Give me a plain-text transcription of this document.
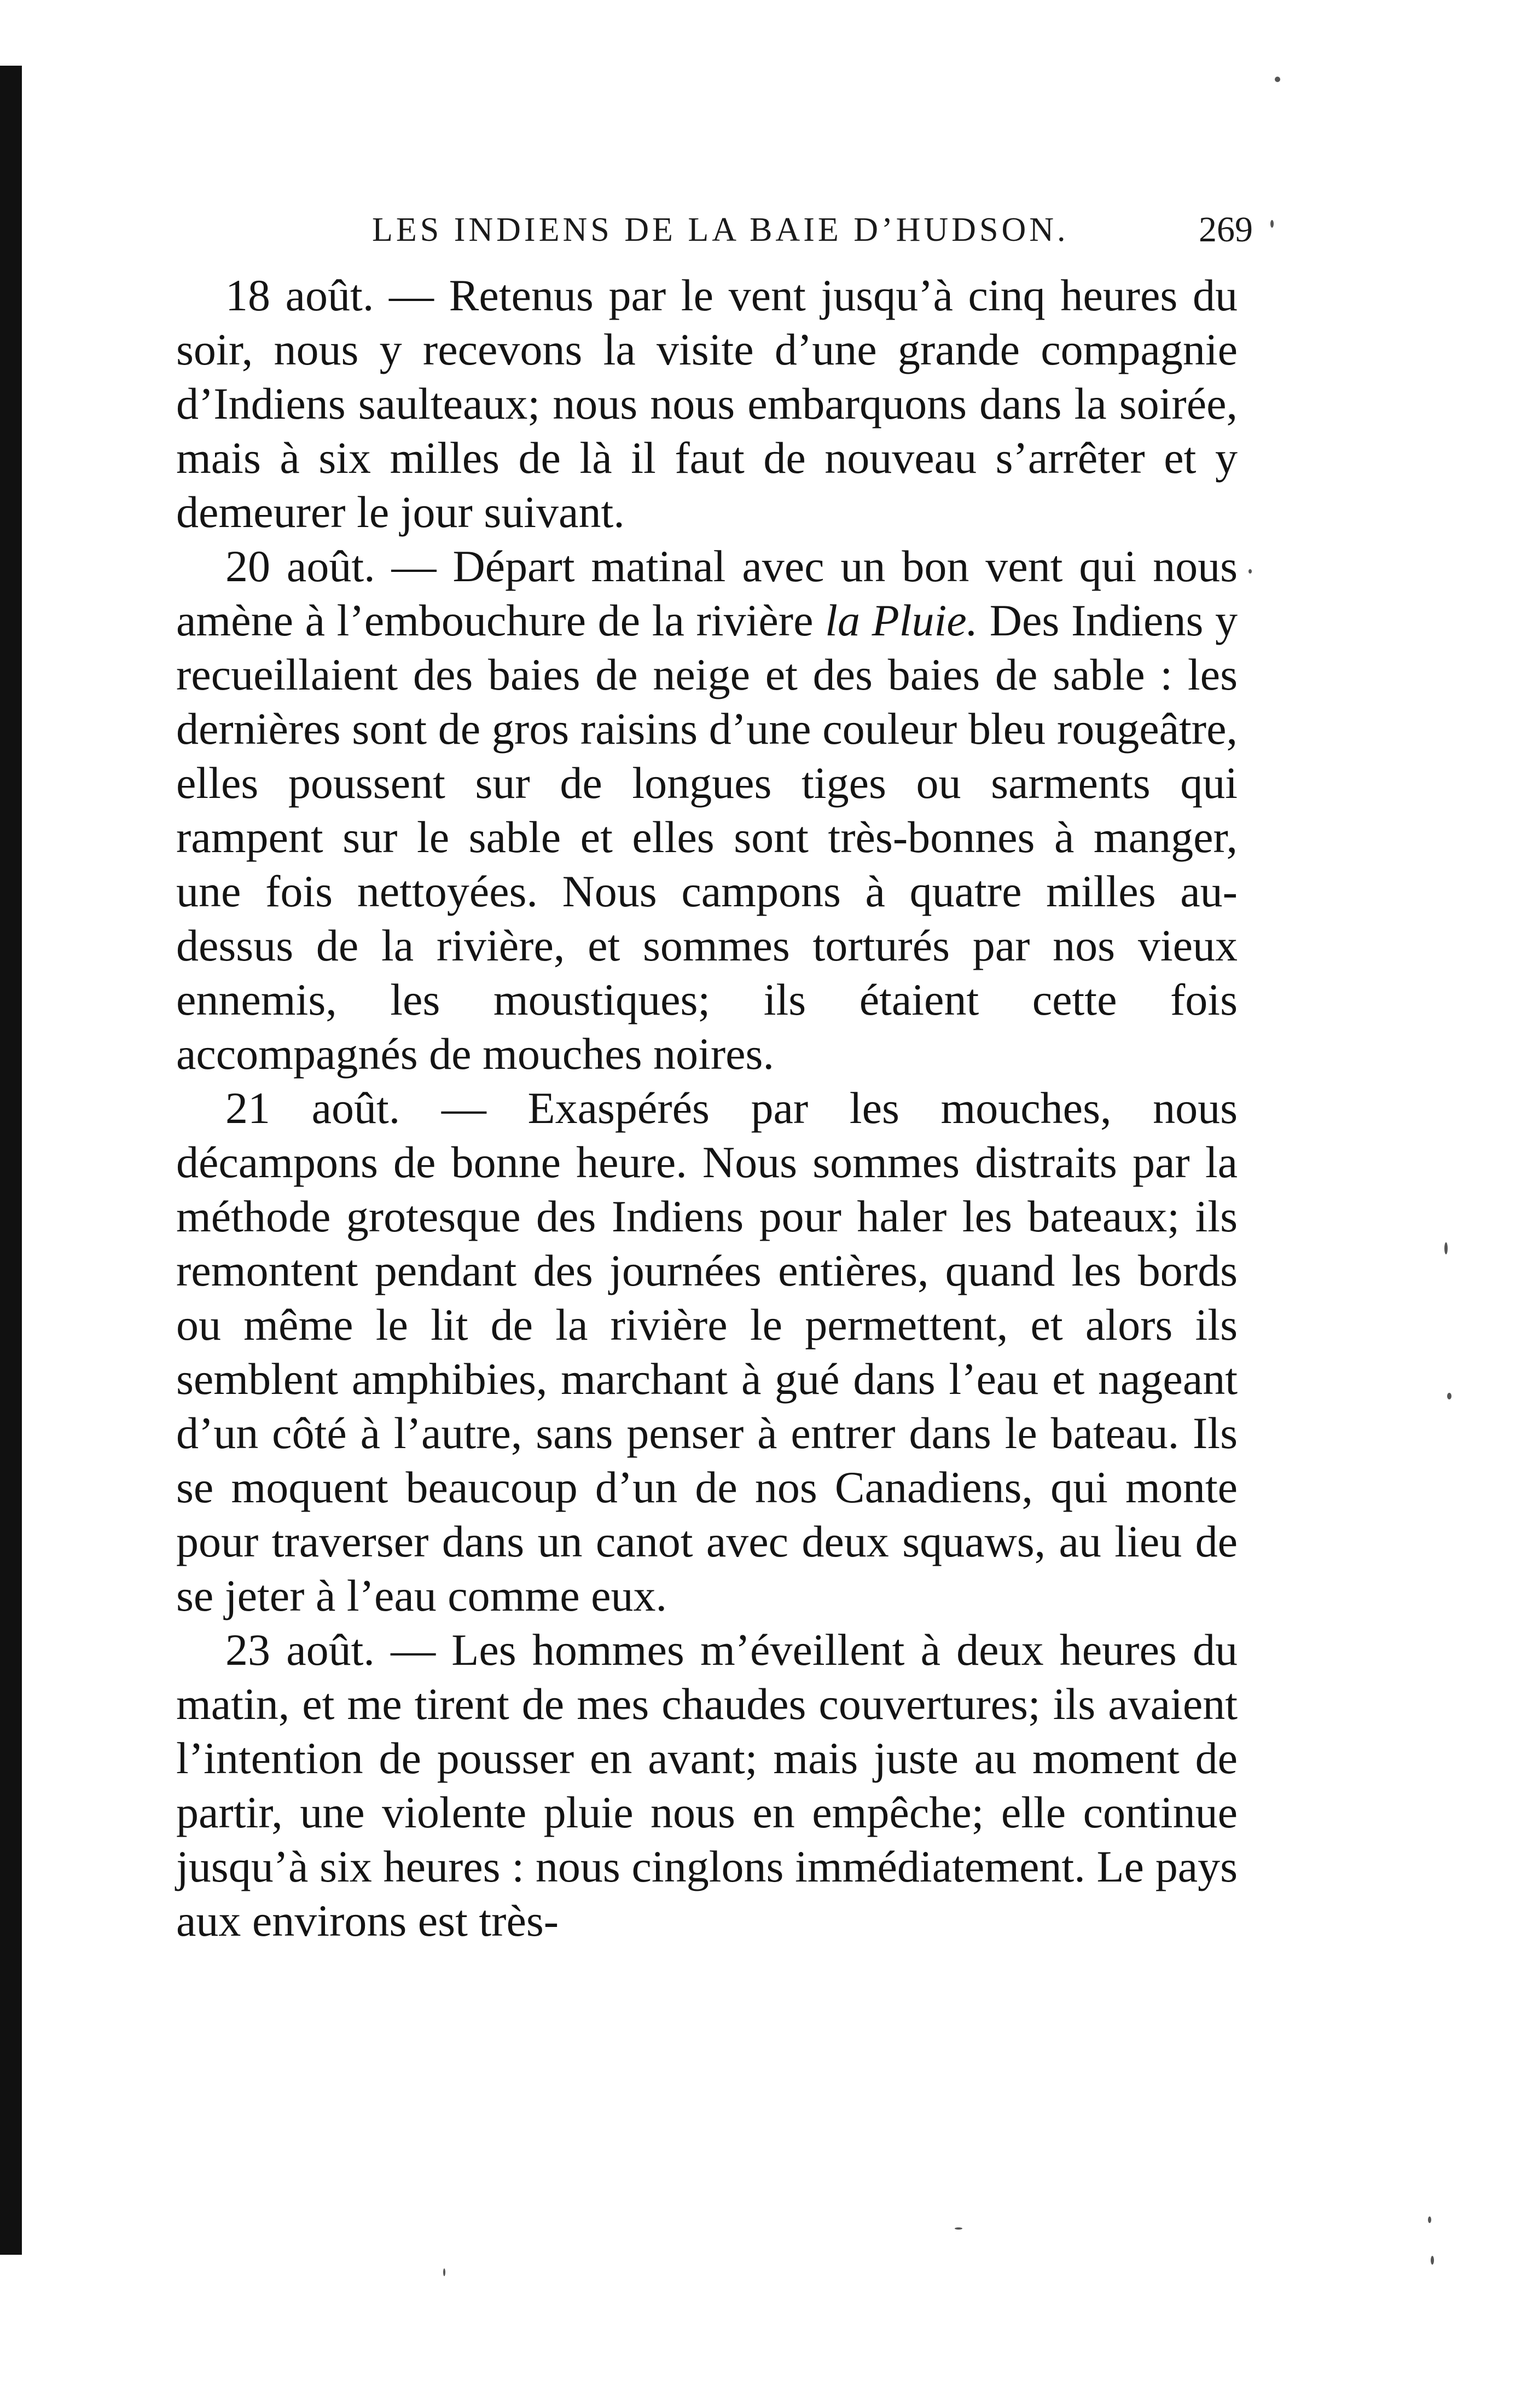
LES INDIENS DE LA BAIE D’HUDSON.	269

18 août. — Retenus par le vent jusqu’à cinq heures du soir, nous y recevons la visite d’une grande compagnie d’Indiens saulteaux; nous nous embarquons dans la soirée, mais à six milles de là il faut de nouveau s’arrêter et y demeurer le jour suivant.

20 août. — Départ matinal avec un bon vent qui nous amène à l’embouchure de la rivière la Pluie. Des Indiens y recueillaient des baies de neige et des baies de sable : les dernières sont de gros raisins d’une couleur bleu rougeâtre, elles poussent sur de longues tiges ou sarments qui rampent sur le sable et elles sont très-bonnes à manger, une fois nettoyées. Nous campons à quatre milles au-dessus de la rivière, et sommes torturés par nos vieux ennemis, les moustiques; ils étaient cette fois accompagnés de mouches noires.

21 août. — Exaspérés par les mouches, nous décampons de bonne heure. Nous sommes distraits par la méthode grotesque des Indiens pour haler les bateaux; ils remontent pendant des journées entières, quand les bords ou même le lit de la rivière le permettent, et alors ils semblent amphibies, marchant à gué dans l’eau et nageant d’un côté à l’autre, sans penser à entrer dans le bateau. Ils se moquent beaucoup d’un de nos Canadiens, qui monte pour traverser dans un canot avec deux squaws, au lieu de se jeter à l’eau comme eux.

23 août. — Les hommes m’éveillent à deux heures du matin, et me tirent de mes chaudes couvertures; ils avaient l’intention de pousser en avant; mais juste au moment de partir, une violente pluie nous en empêche; elle continue jusqu’à six heures : nous cinglons immédiatement. Le pays aux environs est très-
